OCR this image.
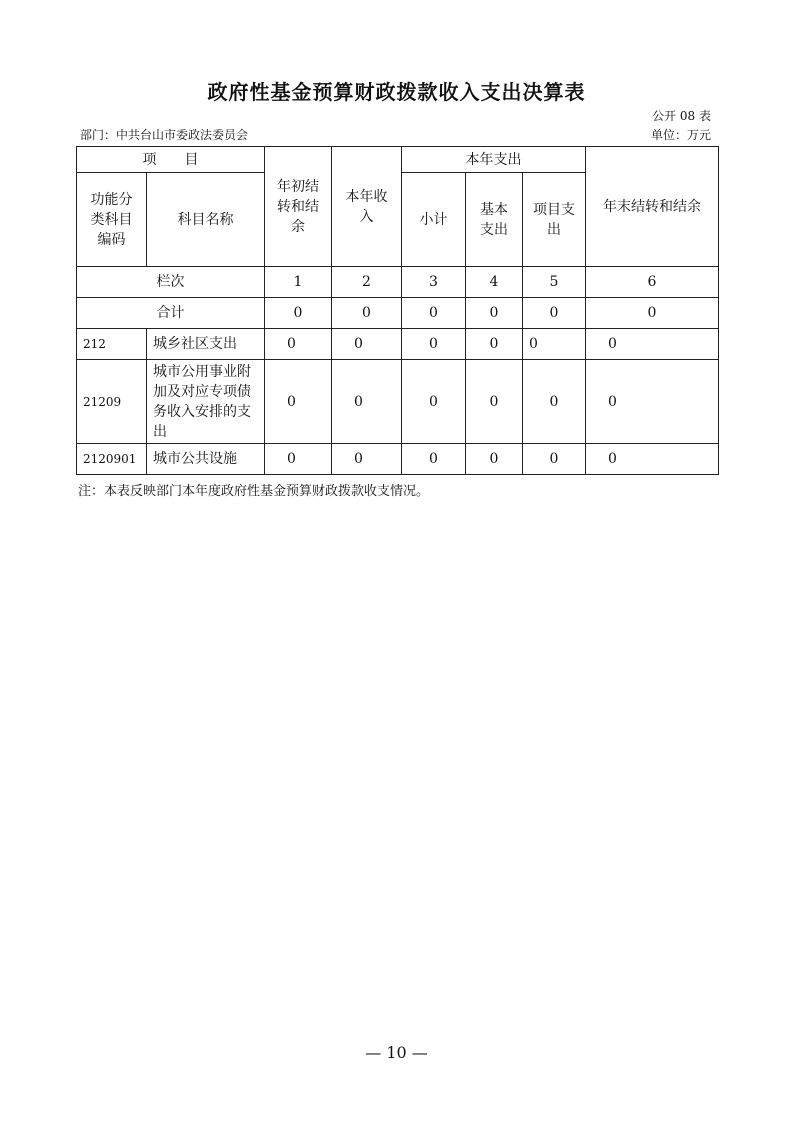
政府性基金预算财政拨款收入支出决算表
公开 08 表
部门：中共台山市委政法委员会	单位：万元
项　　目		年初结转和结余	本年收入	本年支出			年末结转和结余
功能分类科目编码	科目名称			小计	基本支出	项目支出	
栏次		1	2	3	4	5	6
合计		0	0	0	0	0	0
212	城乡社区支出	0	0	0	0	0	0
21209	城市公用事业附加及对应专项债务收入安排的支出	0	0	0	0	0	0
2120901	城市公共设施	0	0	0	0	0	0
注：本表反映部门本年度政府性基金预算财政拨款收支情况。
— 10 —
